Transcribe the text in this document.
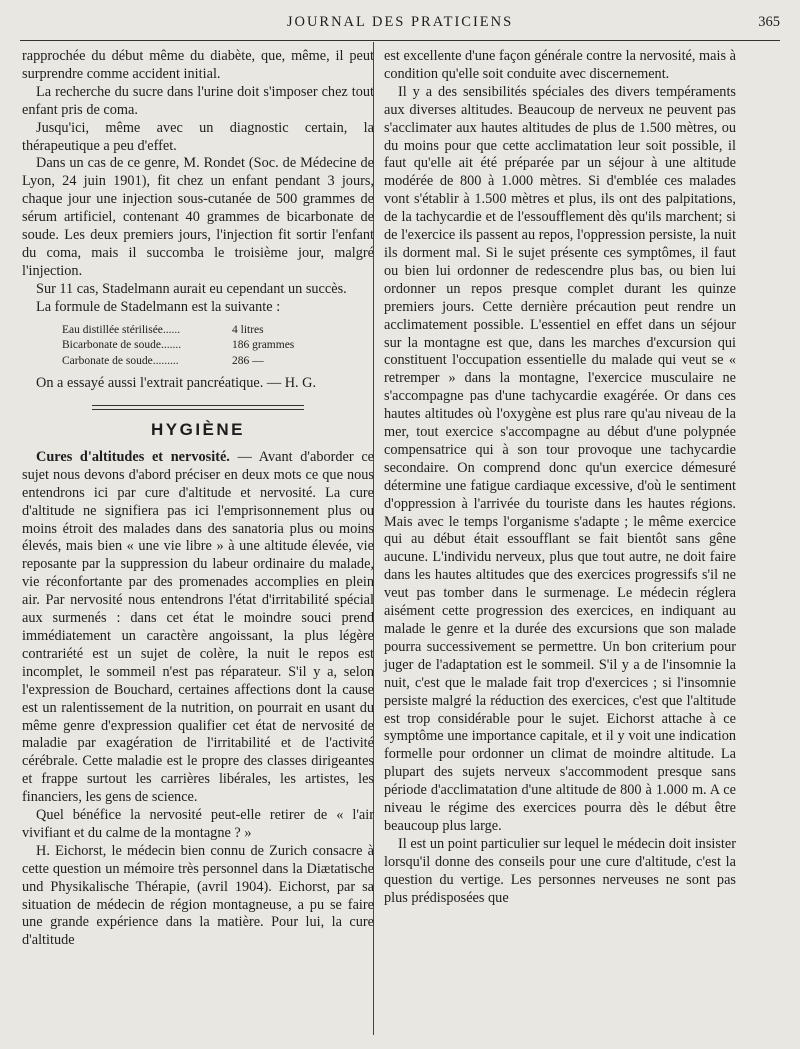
JOURNAL DES PRATICIENS	365

rapprochée du début même du diabète, que, même, il peut surprendre comme accident initial.

La recherche du sucre dans l'urine doit s'imposer chez tout enfant pris de coma.

Jusqu'ici, même avec un diagnostic certain, la thérapeutique a peu d'effet.

Dans un cas de ce genre, M. Rondet (Soc. de Médecine de Lyon, 24 juin 1901), fit chez un enfant pendant 3 jours, chaque jour une injection sous-cutanée de 500 grammes de sérum artificiel, contenant 40 grammes de bicarbonate de soude. Les deux premiers jours, l'injection fit sortir l'enfant du coma, mais il succomba le troisième jour, malgré l'injection.

Sur 11 cas, Stadelmann aurait eu cependant un succès.

La formule de Stadelmann est la suivante :

Eau distillée stérilisée......	4 litres
Bicarbonate de soude.......	186 grammes
Carbonate de soude.........	286 —

On a essayé aussi l'extrait pancréatique. — H. G.

HYGIÈNE

Cures d'altitudes et nervosité. — Avant d'aborder ce sujet nous devons d'abord préciser en deux mots ce que nous entendrons ici par cure d'altitude et nervosité. La cure d'altitude ne signifiera pas ici l'emprisonnement plus ou moins étroit des malades dans des sanatoria plus ou moins élevés, mais bien « une vie libre » à une altitude élevée, vie reposante par la suppression du labeur ordinaire du malade, vie réconfortante par des promenades accomplies en plein air. Par nervosité nous entendrons l'état d'irritabilité spécial aux surmenés : dans cet état le moindre souci prend immédiatement un caractère angoissant, la plus légère contrariété est un sujet de colère, la nuit le repos est incomplet, le sommeil n'est pas réparateur. S'il y a, selon l'expression de Bouchard, certaines affections dont la cause est un ralentissement de la nutrition, on pourrait en usant du même genre d'expression qualifier cet état de nervosité de maladie par exagération de l'irritabilité et de l'activité cérébrale. Cette maladie est le propre des classes dirigeantes et frappe surtout les carrières libérales, les artistes, les financiers, les gens de science.

Quel bénéfice la nervosité peut-elle retirer de « l'air vivifiant et du calme de la montagne ? »

H. Eichorst, le médecin bien connu de Zurich consacre à cette question un mémoire très personnel dans la Diætatische und Physikalische Thérapie, (avril 1904). Eichorst, par sa situation de médecin de région montagneuse, a pu se faire une grande expérience dans la matière. Pour lui, la cure d'altitude

est excellente d'une façon générale contre la nervosité, mais à condition qu'elle soit conduite avec discernement.

Il y a des sensibilités spéciales des divers tempéraments aux diverses altitudes. Beaucoup de nerveux ne peuvent pas s'acclimater aux hautes altitudes de plus de 1.500 mètres, ou du moins pour que cette acclimatation leur soit possible, il faut qu'elle ait été préparée par un séjour à une altitude modérée de 800 à 1.000 mètres. Si d'emblée ces malades vont s'établir à 1.500 mètres et plus, ils ont des palpitations, de la tachycardie et de l'essoufflement dès qu'ils marchent; si de l'exercice ils passent au repos, l'oppression persiste, la nuit ils dorment mal. Si le sujet présente ces symptômes, il faut ou bien lui ordonner de redescendre plus bas, ou bien lui ordonner un repos presque complet durant les quinze premiers jours. Cette dernière précaution peut rendre un acclimatement possible. L'essentiel en effet dans un séjour sur la montagne est que, dans les marches d'excursion qui constituent l'occupation essentielle du malade qui veut se « retremper » dans la montagne, l'exercice musculaire ne s'accompagne pas d'une tachycardie exagérée. Or dans ces hautes altitudes où l'oxygène est plus rare qu'au niveau de la mer, tout exercice s'accompagne au début d'une polypnée compensatrice qui à son tour provoque une tachycardie secondaire. On comprend donc qu'un exercice démesuré détermine une fatigue cardiaque excessive, d'où le sentiment d'oppression à l'arrivée du touriste dans les hautes régions. Mais avec le temps l'organisme s'adapte ; le même exercice qui au début était essoufflant se fait bientôt sans gêne aucune. L'individu nerveux, plus que tout autre, ne doit faire dans les hautes altitudes que des exercices progressifs s'il ne veut pas tomber dans le surmenage. Le médecin réglera aisément cette progression des exercices, en indiquant au malade le genre et la durée des excursions que son malade pourra successivement se permettre. Un bon criterium pour juger de l'adaptation est le sommeil. S'il y a de l'insomnie la nuit, c'est que le malade fait trop d'exercices ; si l'insomnie persiste malgré la réduction des exercices, c'est que l'altitude est trop considérable pour le sujet. Eichorst attache à ce symptôme une importance capitale, et il y voit une indication formelle pour ordonner un climat de moindre altitude. La plupart des sujets nerveux s'accommodent presque sans période d'acclimatation d'une altitude de 800 à 1.000 m. A ce niveau le régime des exercices pourra dès le début être beaucoup plus large.

Il est un point particulier sur lequel le médecin doit insister lorsqu'il donne des conseils pour une cure d'altitude, c'est la question du vertige. Les personnes nerveuses ne sont pas plus prédisposées que
